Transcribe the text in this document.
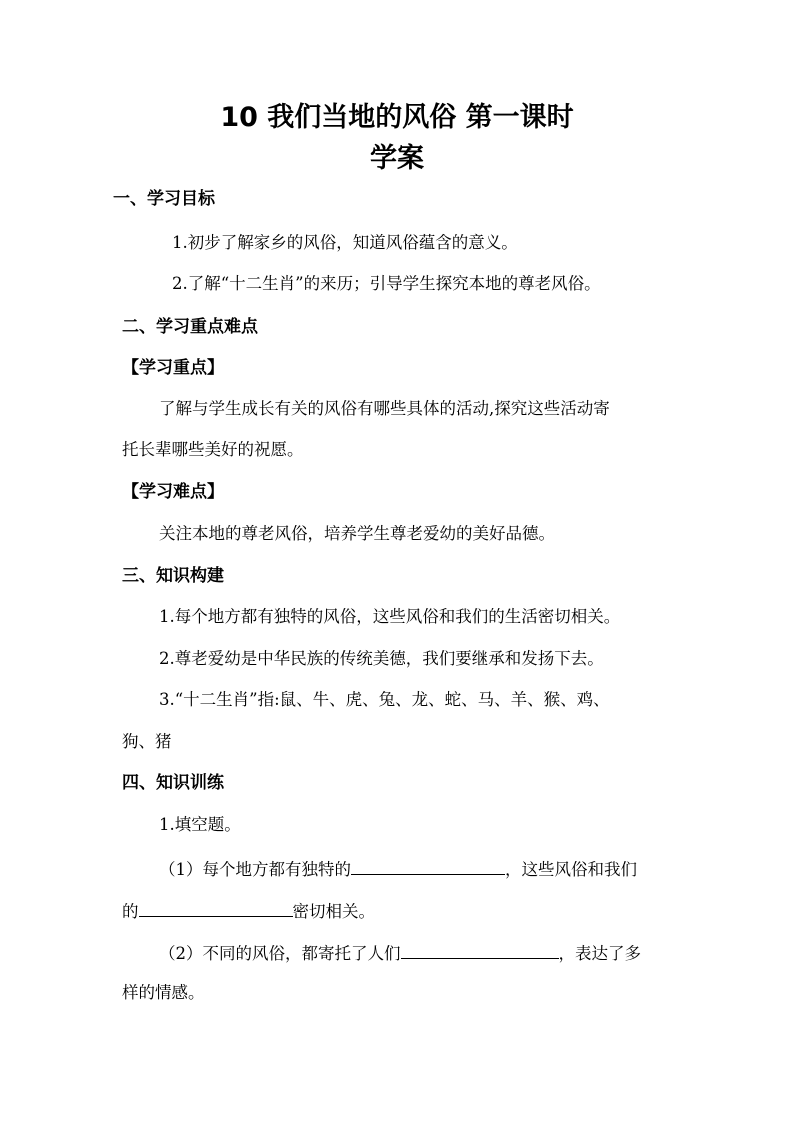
10 我们当地的风俗 第一课时
学案
一、学习目标
1.初步了解家乡的风俗，知道风俗蕴含的意义。
2.了解“十二生肖”的来历；引导学生探究本地的尊老风俗。
二、学习重点难点
【学习重点】
了解与学生成长有关的风俗有哪些具体的活动,探究这些活动寄
托长辈哪些美好的祝愿。
【学习难点】
关注本地的尊老风俗，培养学生尊老爱幼的美好品德。
三、知识构建
1.每个地方都有独特的风俗，这些风俗和我们的生活密切相关。
2.尊老爱幼是中华民族的传统美德，我们要继承和发扬下去。
3.“十二生肖”指:鼠、牛、虎、兔、龙、蛇、马、羊、猴、鸡、
狗、猪
四、知识训练
1.填空题。
（1）每个地方都有独特的	，这些风俗和我们
的	密切相关。
（2）不同的风俗，都寄托了人们	，表达了多
样的情感。
